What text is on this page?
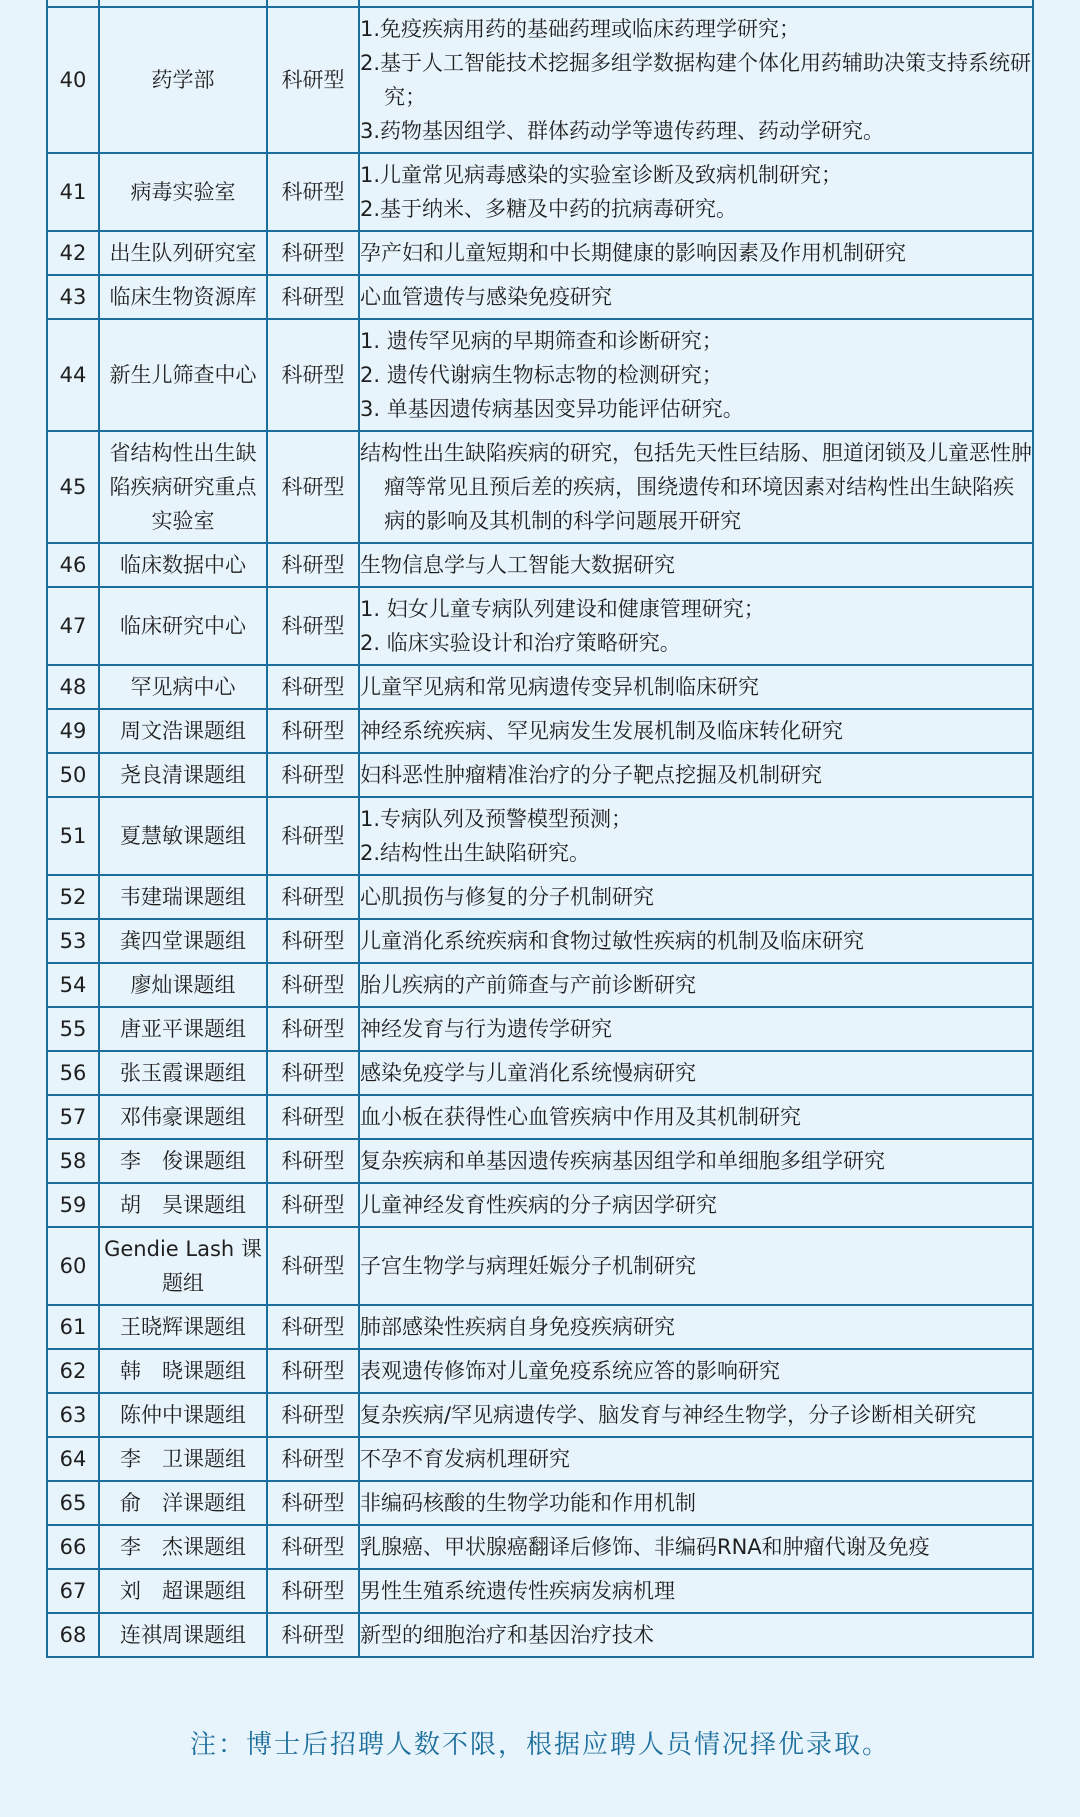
40	药学部	科研型	1.免疫疾病用药的基础药理或临床药理学研究；
2.基于人工智能技术挖掘多组学数据构建个体化用药辅助决策支持系统研究；
3.药物基因组学、群体药动学等遗传药理、药动学研究。

41	病毒实验室	科研型	1.儿童常见病毒感染的实验室诊断及致病机制研究；
2.基于纳米、多糖及中药的抗病毒研究。

42	出生队列研究室	科研型	孕产妇和儿童短期和中长期健康的影响因素及作用机制研究

43	临床生物资源库	科研型	心血管遗传与感染免疫研究

44	新生儿筛查中心	科研型	1. 遗传罕见病的早期筛查和诊断研究；
2. 遗传代谢病生物标志物的检测研究；
3. 单基因遗传病基因变异功能评估研究。

45	省结构性出生缺陷疾病研究重点实验室	科研型	结构性出生缺陷疾病的研究，包括先天性巨结肠、胆道闭锁及儿童恶性肿瘤等常见且预后差的疾病，围绕遗传和环境因素对结构性出生缺陷疾病的影响及其机制的科学问题展开研究

46	临床数据中心	科研型	生物信息学与人工智能大数据研究

47	临床研究中心	科研型	1. 妇女儿童专病队列建设和健康管理研究；
2. 临床实验设计和治疗策略研究。

48	罕见病中心	科研型	儿童罕见病和常见病遗传变异机制临床研究

49	周文浩课题组	科研型	神经系统疾病、罕见病发生发展机制及临床转化研究

50	尧良清课题组	科研型	妇科恶性肿瘤精准治疗的分子靶点挖掘及机制研究

51	夏慧敏课题组	科研型	1.专病队列及预警模型预测；
2.结构性出生缺陷研究。

52	韦建瑞课题组	科研型	心肌损伤与修复的分子机制研究

53	龚四堂课题组	科研型	儿童消化系统疾病和食物过敏性疾病的机制及临床研究

54	廖灿课题组	科研型	胎儿疾病的产前筛查与产前诊断研究

55	唐亚平课题组	科研型	神经发育与行为遗传学研究

56	张玉霞课题组	科研型	感染免疫学与儿童消化系统慢病研究

57	邓伟豪课题组	科研型	血小板在获得性心血管疾病中作用及其机制研究

58	李　俊课题组	科研型	复杂疾病和单基因遗传疾病基因组学和单细胞多组学研究

59	胡　昊课题组	科研型	儿童神经发育性疾病的分子病因学研究

60	Gendie Lash 课题组	科研型	子宫生物学与病理妊娠分子机制研究

61	王晓辉课题组	科研型	肺部感染性疾病自身免疫疾病研究

62	韩　晓课题组	科研型	表观遗传修饰对儿童免疫系统应答的影响研究

63	陈仲中课题组	科研型	复杂疾病/罕见病遗传学、脑发育与神经生物学，分子诊断相关研究

64	李　卫课题组	科研型	不孕不育发病机理研究

65	俞　洋课题组	科研型	非编码核酸的生物学功能和作用机制

66	李　杰课题组	科研型	乳腺癌、甲状腺癌翻译后修饰、非编码RNA和肿瘤代谢及免疫

67	刘　超课题组	科研型	男性生殖系统遗传性疾病发病机理

68	连祺周课题组	科研型	新型的细胞治疗和基因治疗技术
注：博士后招聘人数不限，根据应聘人员情况择优录取。
